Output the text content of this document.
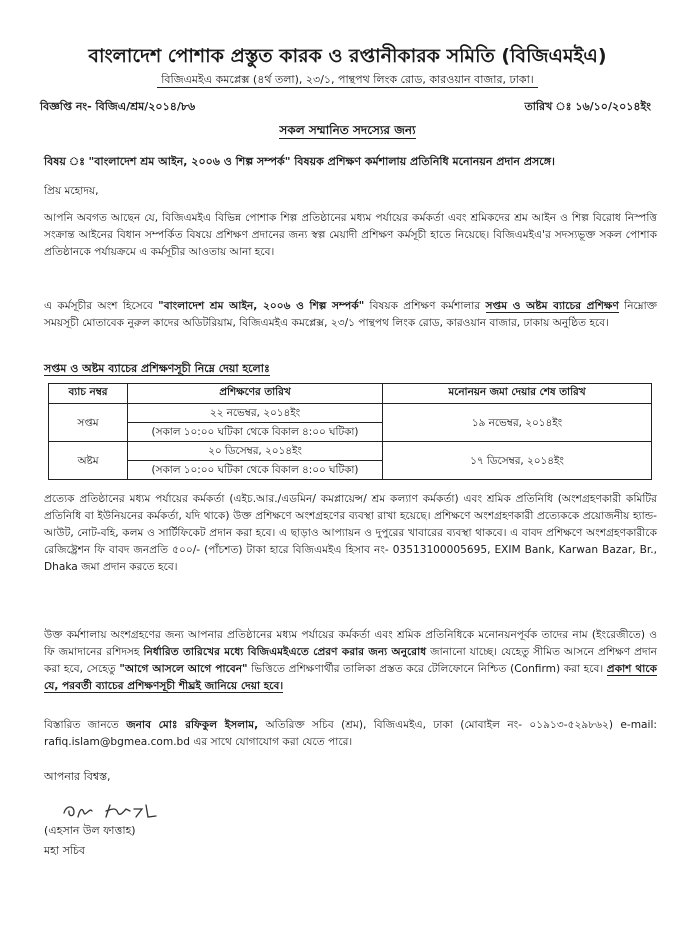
বাংলাদেশ পোশাক প্রস্তুত কারক ও রপ্তানীকারক সমিতি (বিজিএমইএ)
বিজিএমইএ কমপ্লেক্স (৪র্থ তলা), ২৩/১, পান্থপথ লিংক রোড, কারওয়ান বাজার, ঢাকা।
বিজ্ঞপ্তি নং- বিজিএ/শ্রম/২০১৪/৮৬	তারিখ ঃ ১৬/১০/২০১৪ইং
সকল সম্মানিত সদস্যের জন্য
বিষয় ঃ "বাংলাদেশ শ্রম আইন, ২০০৬ ও শিল্প সম্পর্ক" বিষয়ক প্রশিক্ষণ কর্মশালায় প্রতিনিধি মনোনয়ন প্রদান প্রসঙ্গে।
প্রিয় মহোদয়,
আপনি অবগত আছেন যে, বিজিএমইএ বিভিন্ন পোশাক শিল্প প্রতিষ্ঠানের মধ্যম পর্যায়ের কর্মকর্তা এবং শ্রমিকদের শ্রম আইন ও শিল্প বিরোধ নিস্পত্তি সংক্রান্ত আইনের বিধান সম্পর্কিত বিষয়ে প্রশিক্ষণ প্রদানের জন্য স্বল্প মেয়াদী প্রশিক্ষণ কর্মসূচী হাতে নিয়েছে। বিজিএমইএ'র সদস্যভূক্ত সকল পোশাক প্রতিষ্ঠানকে পর্যায়ক্রমে এ কর্মসূচীর আওতায় আনা হবে।
এ কর্মসূচীর অংশ হিসেবে "বাংলাদেশ শ্রম আইন, ২০০৬ ও শিল্প সম্পর্ক" বিষয়ক প্রশিক্ষণ কর্মশালার সপ্তম ও অষ্টম ব্যাচের প্রশিক্ষণ নিম্নোক্ত সময়সূচী মোতাবেক নুরুল কাদের অডিটরিয়াম, বিজিএমইএ কমপ্লেক্স, ২৩/১ পান্থপথ লিংক রোড, কারওয়ান বাজার, ঢাকায় অনুষ্ঠিত হবে।
সপ্তম ও অষ্টম ব্যাচের প্রশিক্ষণসূচী নিম্নে দেয়া হলোঃ
ব্যাচ নম্বর	প্রশিক্ষণের তারিখ	মনোনয়ন জমা দেয়ার শেষ তারিখ
সপ্তম	২২ নভেম্বর, ২০১৪ইং	১৯ নভেম্বর, ২০১৪ইং
	(সকাল ১০:০০ ঘটিকা থেকে বিকাল ৪:০০ ঘটিকা)	
অষ্টম	২০ ডিসেম্বর, ২০১৪ইং	১৭ ডিসেম্বর, ২০১৪ইং
	(সকাল ১০:০০ ঘটিকা থেকে বিকাল ৪:০০ ঘটিকা)	
প্রত্যেক প্রতিষ্ঠানের মধ্যম পর্যায়ের কর্মকর্তা (এইচ.আর./এডমিন/ কমপ্লায়েন্স/ শ্রম কল্যাণ কর্মকর্তা) এবং শ্রমিক প্রতিনিধি (অংশগ্রহণকারী কমিটির প্রতিনিধি বা ইউনিয়নের কর্মকর্তা, যদি থাকে) উক্ত প্রশিক্ষণে অংশগ্রহণের ব্যবস্থা রাখা হয়েছে। প্রশিক্ষণে অংশগ্রহণকারী প্রত্যেককে প্রয়োজনীয় হ্যান্ড-আউট, নোট-বহি, কলম ও সার্টিফিকেট প্রদান করা হবে। এ ছাড়াও আপ্যায়ন ও দুপুরের খাবারের ব্যবস্থা থাকবে। এ বাবদ প্রশিক্ষণে অংশগ্রহণকারীকে রেজিষ্ট্রেশন ফি বাবদ জনপ্রতি ৫০০/- (পাঁচশত) টাকা হারে বিজিএমইএ হিসাব নং- 03513100005695, EXIM Bank, Karwan Bazar, Br., Dhaka জমা প্রদান করতে হবে।
উক্ত কর্মশালায় অংশগ্রহণের জন্য আপনার প্রতিষ্ঠানের মধ্যম পর্যায়ের কর্মকর্তা এবং শ্রমিক প্রতিনিধিকে মনোনয়নপূর্বক তাদের নাম (ইংরেজীতে) ও ফি জমাদানের রশিদসহ নির্ধারিত তারিখের মধ্যে বিজিএমইএতে প্রেরণ করার জন্য অনুরোধ জানানো যাচ্ছে। যেহেতু সীমিত আসনে প্রশিক্ষণ প্রদান করা হবে, সেহেতু "আগে আসলে আগে পাবেন" ভিত্তিতে প্রশিক্ষণার্থীর তালিকা প্রস্তত করে টেলিফোনে নিশ্চিত (Confirm) করা হবে। প্রকাশ থাকে যে, পরবর্তী ব্যাচের প্রশিক্ষণসূচী শীঘ্রই জানিয়ে দেয়া হবে।
বিস্তারিত জানতে জনাব মোঃ রফিকুল ইসলাম, অতিরিক্ত সচিব (শ্রম), বিজিএমইএ, ঢাকা (মোবাইল নং- ০১৯১৩-৫২৯৮৬২) e-mail: rafiq.islam@bgmea.com.bd এর সাথে যোগাযোগ করা যেতে পারে।
আপনার বিশ্বস্ত,
(এহসান উল ফাত্তাহ)
মহা সচিব
